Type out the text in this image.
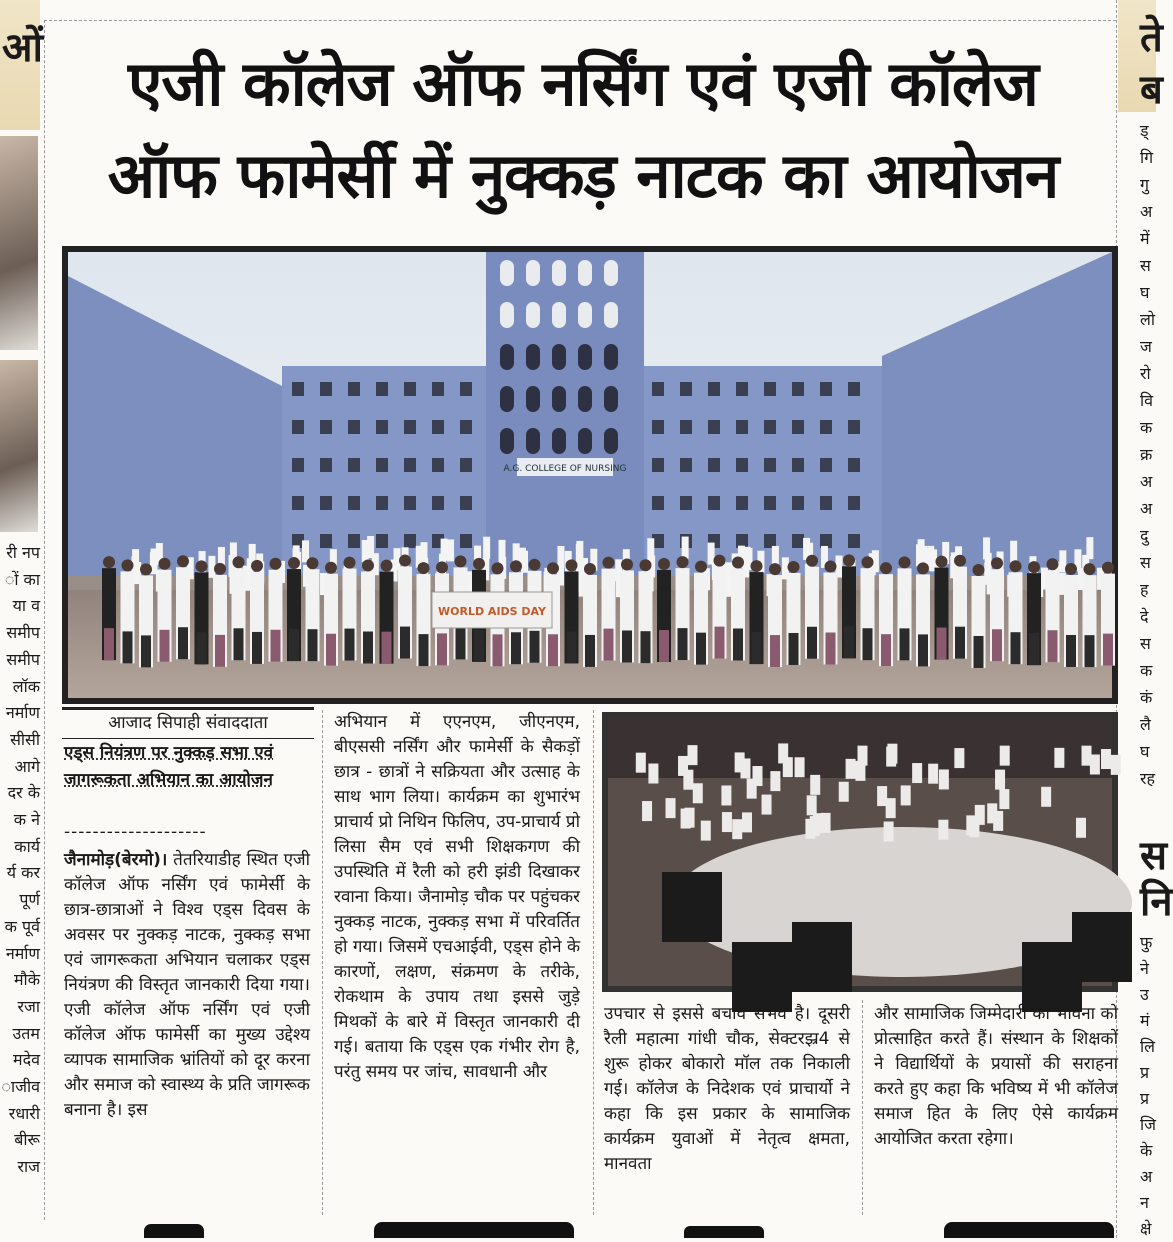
ओं

री नप

ों का

या व

समीप

समीप

लॉक

नर्माण

सीसी

आगे

दर के

क ने

कार्य

र्य कर

पूर्ण

क पूर्व

नर्माण

मौके

रजा

उतम

मदेव

ाजीव

रधारी

बीरू

राज

ते
ब
स
नि

ड्

गि

गु

अ

में

स

घ

लो

ज

रो

वि

क

क्र

अ

अ

दु

स

ह

दे

स

क

कं

लै

घ

रह

फु

ने

उ

मं

लि

प्र

प्र

जि

के

अ

न

क्षे

एजी कॉलेज ऑफ नर्सिंग एवं एजी कॉलेज
ऑफ फामेर्सी में नुक्कड़ नाटक का आयोजन
A.G. COLLEGE OF NURSING
WORLD AIDS DAY
आजाद सिपाही संवाददाता
एड्स नियंत्रण पर नुक्कड़ सभा एवं जागरूकता अभियान का आयोजन
--------------------

जैनामोड़(बेरमो)। तेतरियाडीह स्थित एजी कॉलेज ऑफ नर्सिंग एवं फामेर्सी के छात्र-छात्राओं ने विश्व एड्स दिवस के अवसर पर नुक्कड़ नाटक, नुक्कड़ सभा एवं जागरूकता अभियान चलाकर एड्स नियंत्रण की विस्तृत जानकारी दिया गया। एजी कॉलेज ऑफ नर्सिंग एवं एजी कॉलेज ऑफ फामेर्सी का मुख्य उद्देश्य व्यापक सामाजिक भ्रांतियों को दूर करना और समाज को स्वास्थ्य के प्रति जागरूक बनाना है। इस

अभियान में एएनएम, जीएनएम, बीएससी नर्सिंग और फामेर्सी के सैकड़ों छात्र - छात्रों ने सक्रियता और उत्साह के साथ भाग लिया। कार्यक्रम का शुभारंभ प्राचार्य प्रो निथिन फिलिप, उप-प्राचार्य प्रो लिसा सैम एवं सभी शिक्षकगण की उपस्थिति में रैली को हरी झंडी दिखाकर रवाना किया। जैनामोड़ चौक पर पहुंचकर नुक्कड़ नाटक, नुक्कड़ सभा में परिवर्तित हो गया। जिसमें एचआईवी, एड्स होने के कारणों, लक्षण, संक्रमण के तरीके, रोकथाम के उपाय तथा इससे जुड़े मिथकों के बारे में विस्तृत जानकारी दी गई। बताया कि एड्स एक गंभीर रोग है, परंतु समय पर जांच, सावधानी और

उपचार से इससे बचाव संभव है। दूसरी रैली महात्मा गांधी चौक, सेक्टरझ्र4 से शुरू होकर बोकारो मॉल तक निकाली गई। कॉलेज के निदेशक एवं प्राचार्यो ने कहा कि इस प्रकार के सामाजिक कार्यक्रम युवाओं में नेतृत्व क्षमता, मानवता

और सामाजिक जिम्मेदारी की भावना को प्रोत्साहित करते हैं। संस्थान के शिक्षकों ने विद्यार्थियों के प्रयासों की सराहना करते हुए कहा कि भविष्य में भी कॉलेज समाज हित के लिए ऐसे कार्यक्रम आयोजित करता रहेगा।
